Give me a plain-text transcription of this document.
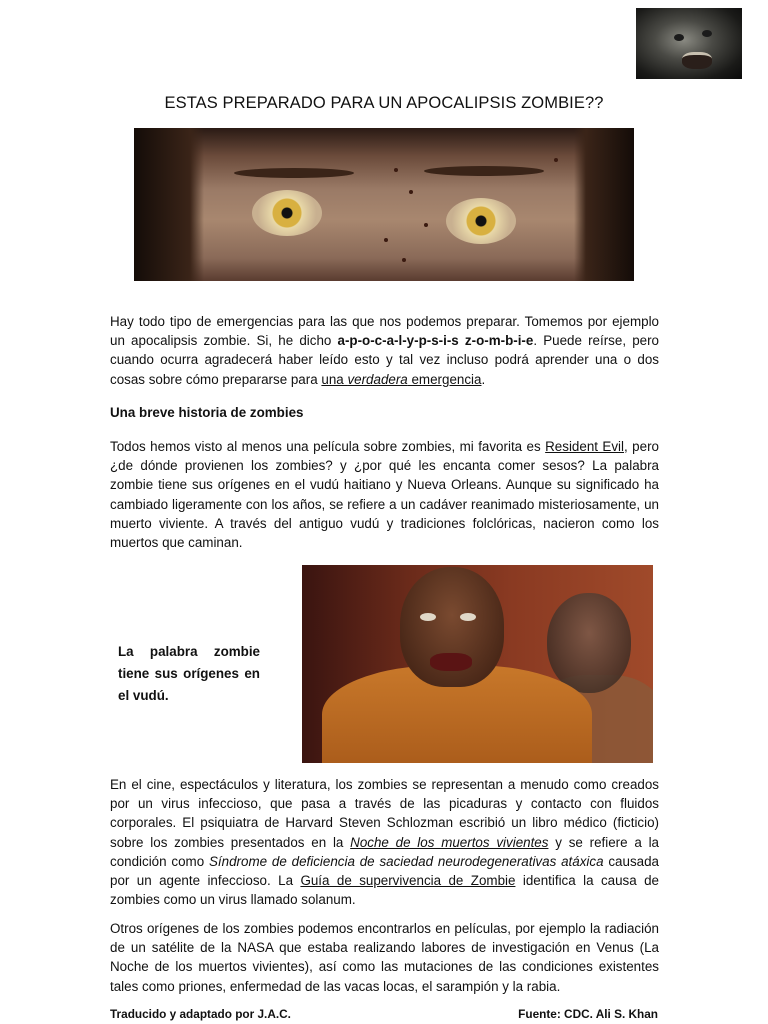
ESTAS PREPARADO PARA UN APOCALIPSIS ZOMBIE??

Hay todo tipo de emergencias para las que nos podemos preparar. Tomemos por ejemplo un apocalipsis zombie. Si, he dicho a-p-o-c-a-l-y-p-s-i-s z-o-m-b-i-e. Puede reírse, pero cuando ocurra agradecerá haber leído esto y tal vez incluso podrá aprender una o dos cosas sobre cómo prepararse para una verdadera emergencia.

Una breve historia de zombies

Todos hemos visto al menos una película sobre zombies, mi favorita es Resident Evil, pero ¿de dónde provienen los zombies? y ¿por qué les encanta comer sesos? La palabra zombie tiene sus orígenes en el vudú haitiano y Nueva Orleans. Aunque su significado ha cambiado ligeramente con los años, se refiere a un cadáver reanimado misteriosamente, un muerto viviente. A través del antiguo vudú y tradiciones folclóricas, nacieron como los muertos que caminan.

La palabra zombie tiene sus orígenes en el vudú.

En el cine, espectáculos y literatura, los zombies se representan a menudo como creados por un virus infeccioso, que pasa a través de las picaduras y contacto con fluidos corporales. El psiquiatra de Harvard Steven Schlozman escribió un libro médico (ficticio) sobre los zombies presentados en la Noche de los muertos vivientes y se refiere a la condición como Síndrome de deficiencia de saciedad neurodegenerativas atáxica causada por un agente infeccioso. La Guía de supervivencia de Zombie identifica la causa de zombies como un virus llamado solanum.

Otros orígenes de los zombies podemos encontrarlos en películas, por ejemplo la radiación de un satélite de la NASA que estaba realizando labores de investigación en Venus (La Noche de los muertos vivientes), así como las mutaciones de las condiciones existentes tales como priones, enfermedad de las vacas locas, el sarampión y la rabia.

Traducido y adaptado por J.A.C.	Fuente: CDC. Ali S. Khan
